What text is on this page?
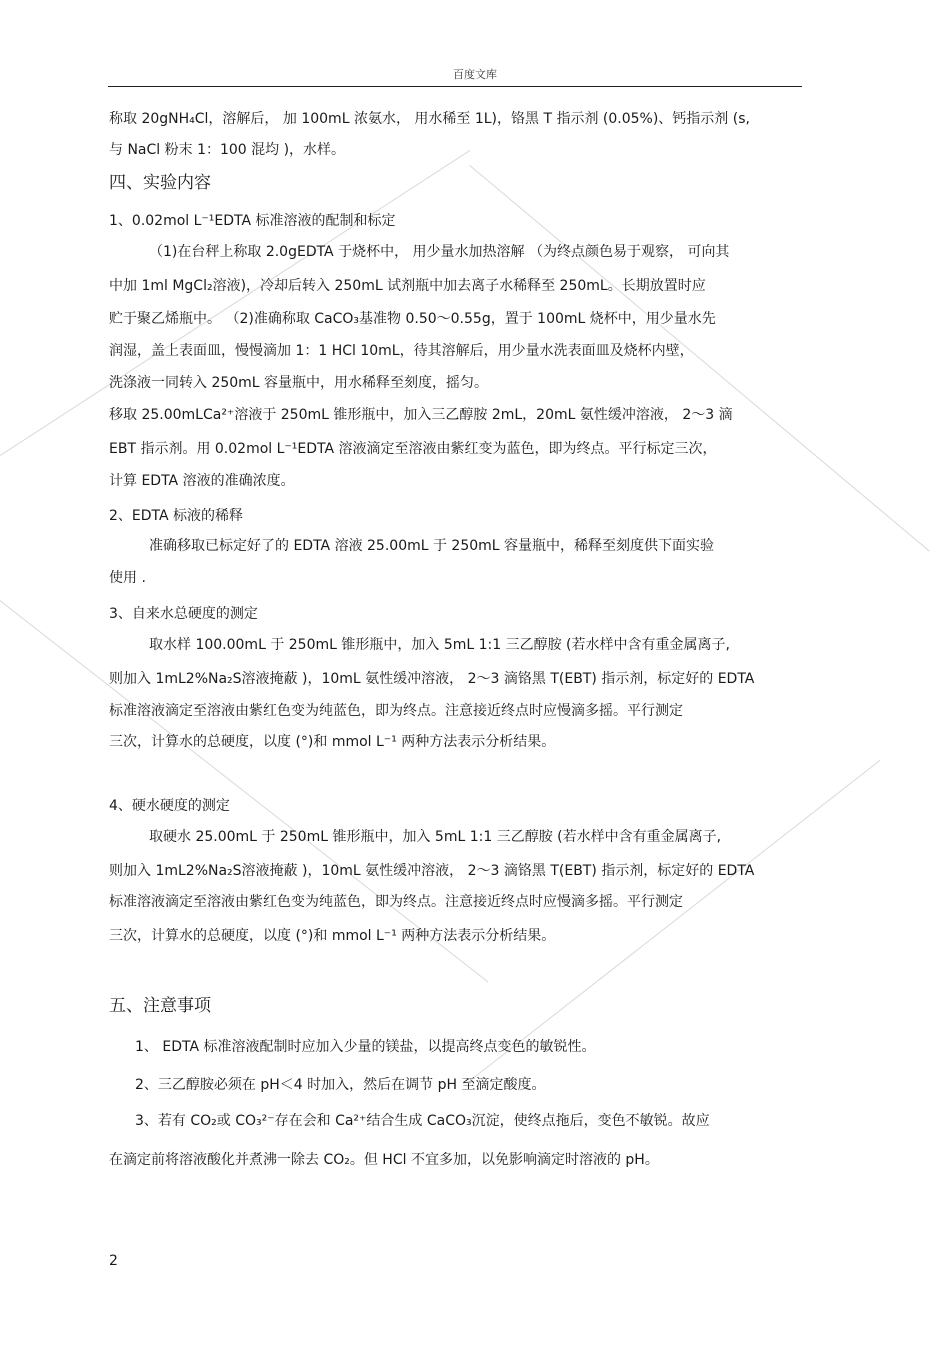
百度文库
称取 20gNH₄Cl，溶解后， 加 100mL 浓氨水， 用水稀至 1L)，铬黑 T 指示剂 (0.05%)、钙指示剂 (s,
与 NaCl 粉末 1：100 混均 )，水样。
四、实验内容
1、0.02mol L⁻¹EDTA 标准溶液的配制和标定
（1)在台秤上称取 2.0gEDTA 于烧杯中， 用少量水加热溶解 （为终点颜色易于观察， 可向其
中加 1ml MgCl₂溶液)，冷却后转入 250mL 试剂瓶中加去离子水稀释至 250mL。长期放置时应
贮于聚乙烯瓶中。 （2)准确称取 CaCO₃基准物 0.50～0.55g，置于 100mL 烧杯中，用少量水先
润湿，盖上表面皿，慢慢滴加 1：1 HCl 10mL，待其溶解后，用少量水洗表面皿及烧杯内壁，
洗涤液一同转入 250mL 容量瓶中，用水稀释至刻度，摇匀。
移取 25.00mLCa²⁺溶液于 250mL 锥形瓶中，加入三乙醇胺 2mL，20mL 氨性缓冲溶液， 2～3 滴
EBT 指示剂。用 0.02mol L⁻¹EDTA 溶液滴定至溶液由紫红变为蓝色，即为终点。平行标定三次，
计算 EDTA 溶液的准确浓度。
2、EDTA 标液的稀释
准确移取已标定好了的 EDTA 溶液 25.00mL 于 250mL 容量瓶中，稀释至刻度供下面实验
使用 .
3、自来水总硬度的测定
取水样 100.00mL 于 250mL 锥形瓶中，加入 5mL 1:1 三乙醇胺 (若水样中含有重金属离子,
则加入 1mL2%Na₂S溶液掩蔽 )，10mL 氨性缓冲溶液， 2～3 滴铬黑 T(EBT) 指示剂，标定好的 EDTA
标准溶液滴定至溶液由紫红色变为纯蓝色，即为终点。注意接近终点时应慢滴多摇。平行测定
三次，计算水的总硬度，以度 (°)和 mmol L⁻¹ 两种方法表示分析结果。
4、硬水硬度的测定
取硬水 25.00mL 于 250mL 锥形瓶中，加入 5mL 1:1 三乙醇胺 (若水样中含有重金属离子,
则加入 1mL2%Na₂S溶液掩蔽 )，10mL 氨性缓冲溶液， 2～3 滴铬黑 T(EBT) 指示剂，标定好的 EDTA
标准溶液滴定至溶液由紫红色变为纯蓝色，即为终点。注意接近终点时应慢滴多摇。平行测定
三次，计算水的总硬度，以度 (°)和 mmol L⁻¹ 两种方法表示分析结果。
五、注意事项
1、 EDTA 标准溶液配制时应加入少量的镁盐，以提高终点变色的敏锐性。
2、三乙醇胺必须在 pH＜4 时加入，然后在调节 pH 至滴定酸度。
3、若有 CO₂或 CO₃²⁻存在会和 Ca²⁺结合生成 CaCO₃沉淀，使终点拖后，变色不敏锐。故应
在滴定前将溶液酸化并煮沸一除去 CO₂。但 HCl 不宜多加，以免影响滴定时溶液的 pH。
2
